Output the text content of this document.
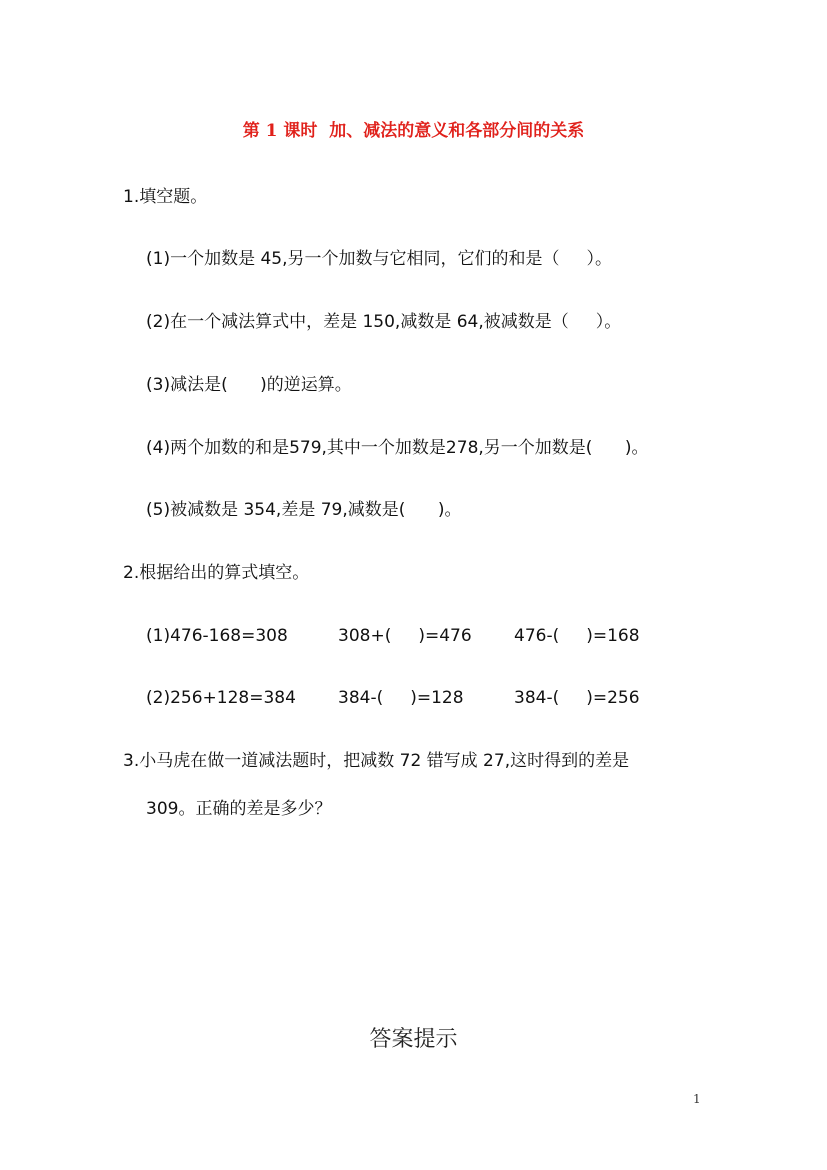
第 1 课时  加、减法的意义和各部分间的关系
1.填空题。
(1)一个加数是 45,另一个加数与它相同，它们的和是（     ）。
(2)在一个减法算式中，差是 150,减数是 64,被减数是（     ）。
(3)减法是(      )的逆运算。
(4)两个加数的和是579,其中一个加数是278,另一个加数是(      )。
(5)被减数是 354,差是 79,减数是(      )。
2.根据给出的算式填空。
(1)476-168=308	308+(     )=476 476-(     )=168
(2)256+128=384 384-(     )=128	384-(     )=256
3.小马虎在做一道减法题时，把减数 72 错写成 27,这时得到的差是
309。正确的差是多少？
答案提示
1
